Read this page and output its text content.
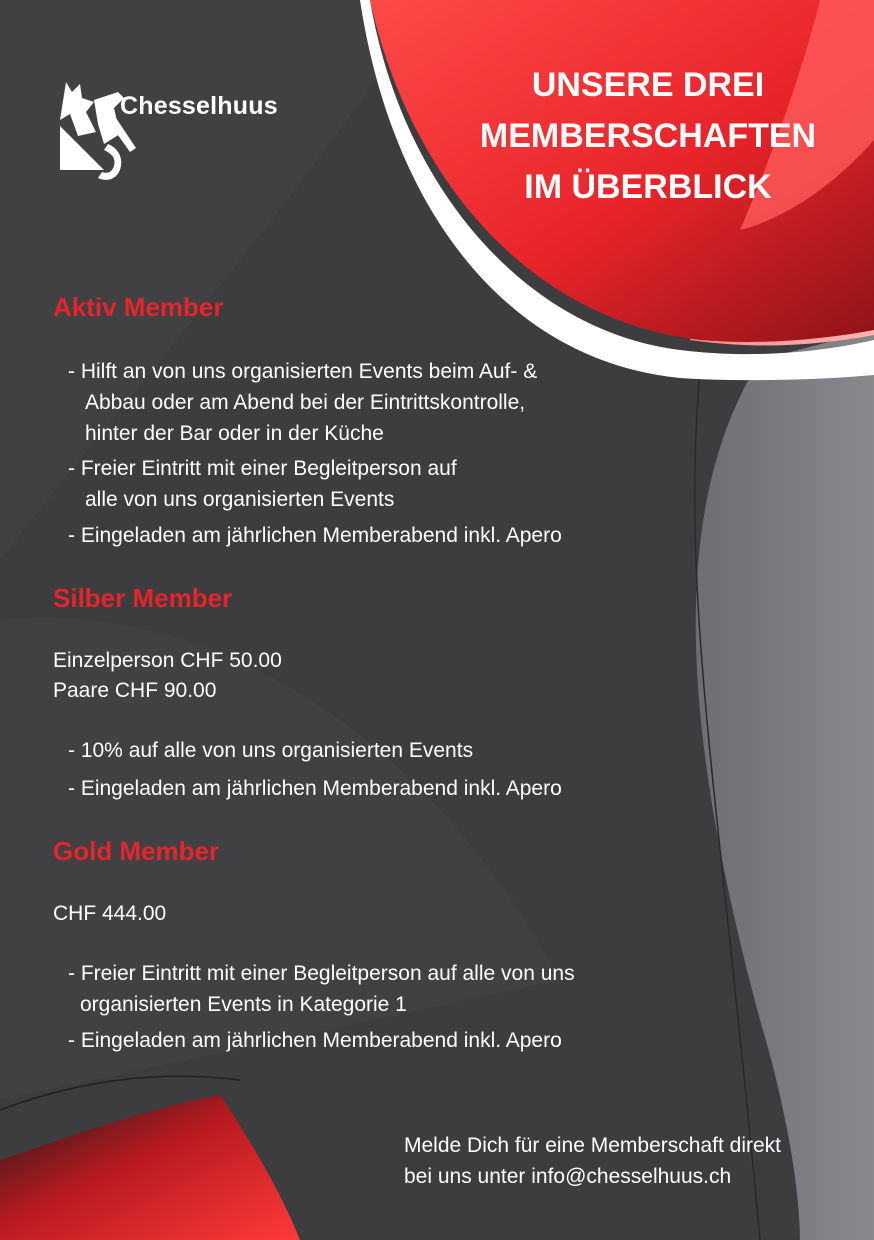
Chesselhuus
UNSERE DREI
MEMBERSCHAFTEN
IM ÜBERBLICK
Aktiv Member
- Hilft an von uns organisierten Events beim Auf- &
Abbau oder am Abend bei der Eintrittskontrolle,
hinter der Bar oder in der Küche
- Freier Eintritt mit einer Begleitperson auf
alle von uns organisierten Events
- Eingeladen am jährlichen Memberabend inkl. Apero
Silber Member
Einzelperson CHF 50.00
Paare CHF 90.00
- 10% auf alle von uns organisierten Events
- Eingeladen am jährlichen Memberabend inkl. Apero
Gold Member
CHF 444.00
- Freier Eintritt mit einer Begleitperson auf alle von uns
organisierten Events in Kategorie 1
- Eingeladen am jährlichen Memberabend inkl. Apero
Melde Dich für eine Memberschaft direkt
bei uns unter info@chesselhuus.ch
